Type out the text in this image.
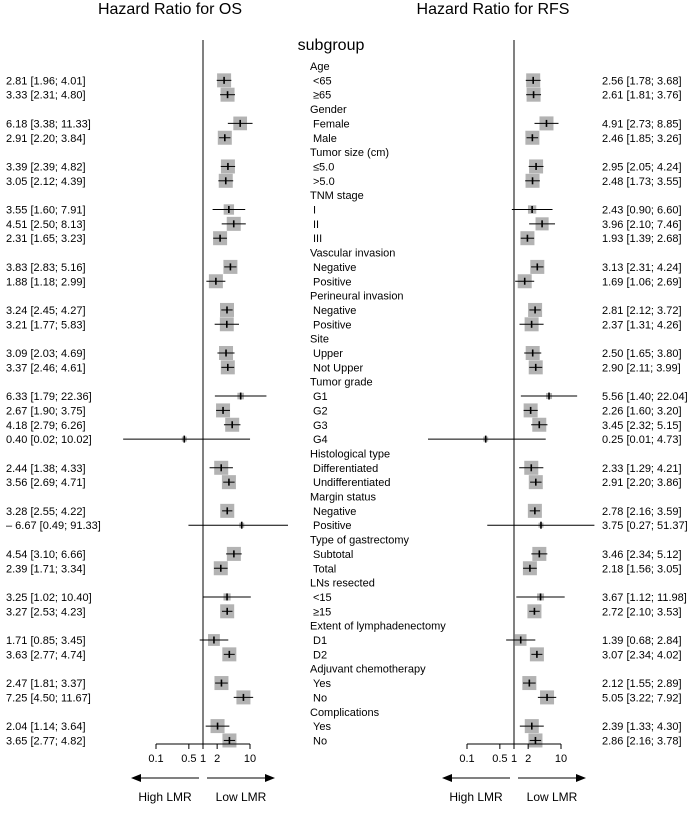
Hazard Ratio for OS	Hazard Ratio for RFS
subgroup
Age
<65
2.81 [1.96; 4.01]	2.56 [1.78; 3.68]
≥65
3.33 [2.31; 4.80]	2.61 [1.81; 3.76]
Gender
Female
6.18 [3.38; 11.33]	4.91 [2.73; 8.85]
Male
2.91 [2.20; 3.84]	2.46 [1.85; 3.26]
Tumor size (cm)
≤5.0
3.39 [2.39; 4.82]	2.95 [2.05; 4.24]
>5.0
3.05 [2.12; 4.39]	2.48 [1.73; 3.55]
TNM stage
I
3.55 [1.60; 7.91]	2.43 [0.90; 6.60]
II
4.51 [2.50; 8.13]	3.96 [2.10; 7.46]
III
2.31 [1.65; 3.23]	1.93 [1.39; 2.68]
Vascular invasion
Negative
3.83 [2.83; 5.16]	3.13 [2.31; 4.24]
Positive
1.88 [1.18; 2.99]	1.69 [1.06; 2.69]
Perineural invasion
Negative
3.24 [2.45; 4.27]	2.81 [2.12; 3.72]
Positive
3.21 [1.77; 5.83]	2.37 [1.31; 4.26]
Site
Upper
3.09 [2.03; 4.69]	2.50 [1.65; 3.80]
Not Upper
3.37 [2.46; 4.61]	2.90 [2.11; 3.99]
Tumor grade
G1
6.33 [1.79; 22.36]	5.56 [1.40; 22.04]
G2
2.67 [1.90; 3.75]	2.26 [1.60; 3.20]
G3
4.18 [2.79; 6.26]	3.45 [2.32; 5.15]
G4
0.40 [0.02; 10.02]	0.25 [0.01; 4.73]
Histological type
Differentiated
2.44 [1.38; 4.33]	2.33 [1.29; 4.21]
Undifferentiated
3.56 [2.69; 4.71]	2.91 [2.20; 3.86]
Margin status
Negative
3.28 [2.55; 4.22]	2.78 [2.16; 3.59]
Positive
– 6.67 [0.49; 91.33]	3.75 [0.27; 51.37]
Type of gastrectomy
Subtotal
4.54 [3.10; 6.66]	3.46 [2.34; 5.12]
Total
2.39 [1.71; 3.34]	2.18 [1.56; 3.05]
LNs resected
<15
3.25 [1.02; 10.40]	3.67 [1.12; 11.98]
≥15
3.27 [2.53; 4.23]	2.72 [2.10; 3.53]
Extent of lymphadenectomy
D1
1.71 [0.85; 3.45]	1.39 [0.68; 2.84]
D2
3.63 [2.77; 4.74]	3.07 [2.34; 4.02]
Adjuvant chemotherapy
Yes
2.47 [1.81; 3.37]	2.12 [1.55; 2.89]
No
7.25 [4.50; 11.67]	5.05 [3.22; 7.92]
Complications
Yes
2.04 [1.14; 3.64]	2.39 [1.33; 4.30]
No
3.65 [2.77; 4.82]	2.86 [2.16; 3.78]
0.1 0.5 1 2 10
High LMR Low LMR
0.1 0.5 1 2 10
High LMR Low LMR
